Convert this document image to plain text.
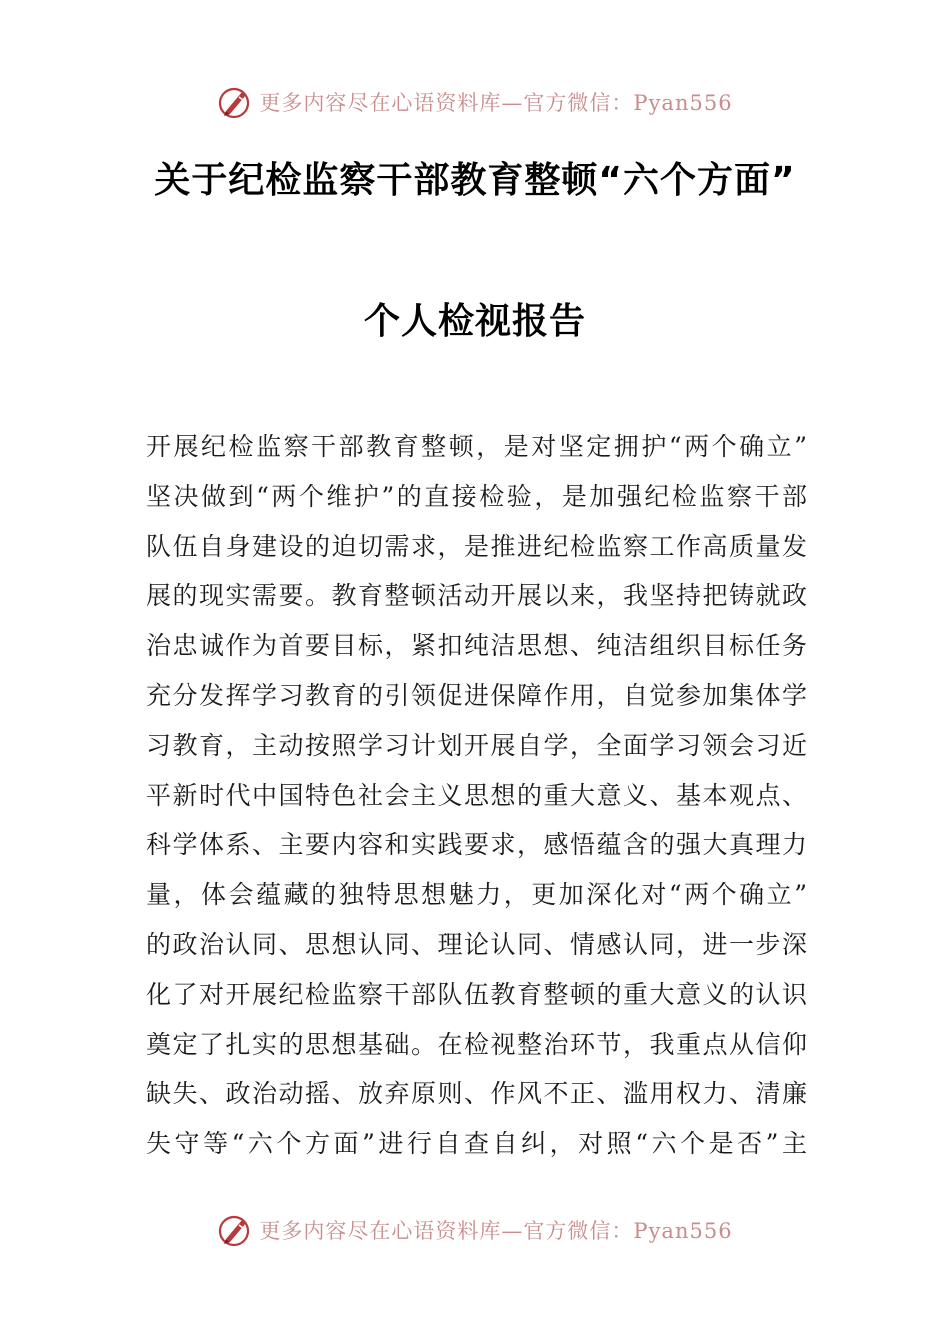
更多内容尽在心语资料库—官方微信：Pyan556
关于纪检监察干部教育整顿“六个方面”
个人检视报告
开展纪检监察干部教育整顿，是对坚定拥护“两个确立”
坚决做到“两个维护”的直接检验，是加强纪检监察干部
队伍自身建设的迫切需求，是推进纪检监察工作高质量发
展的现实需要。教育整顿活动开展以来，我坚持把铸就政
治忠诚作为首要目标，紧扣纯洁思想、纯洁组织目标任务
充分发挥学习教育的引领促进保障作用，自觉参加集体学
习教育，主动按照学习计划开展自学，全面学习领会习近
平新时代中国特色社会主义思想的重大意义、基本观点、
科学体系、主要内容和实践要求，感悟蕴含的强大真理力
量，体会蕴藏的独特思想魅力，更加深化对“两个确立”
的政治认同、思想认同、理论认同、情感认同，进一步深
化了对开展纪检监察干部队伍教育整顿的重大意义的认识
奠定了扎实的思想基础。在检视整治环节，我重点从信仰
缺失、政治动摇、放弃原则、作风不正、滥用权力、清廉
失守等“六个方面”进行自查自纠，对照“六个是否”主
更多内容尽在心语资料库—官方微信：Pyan556
